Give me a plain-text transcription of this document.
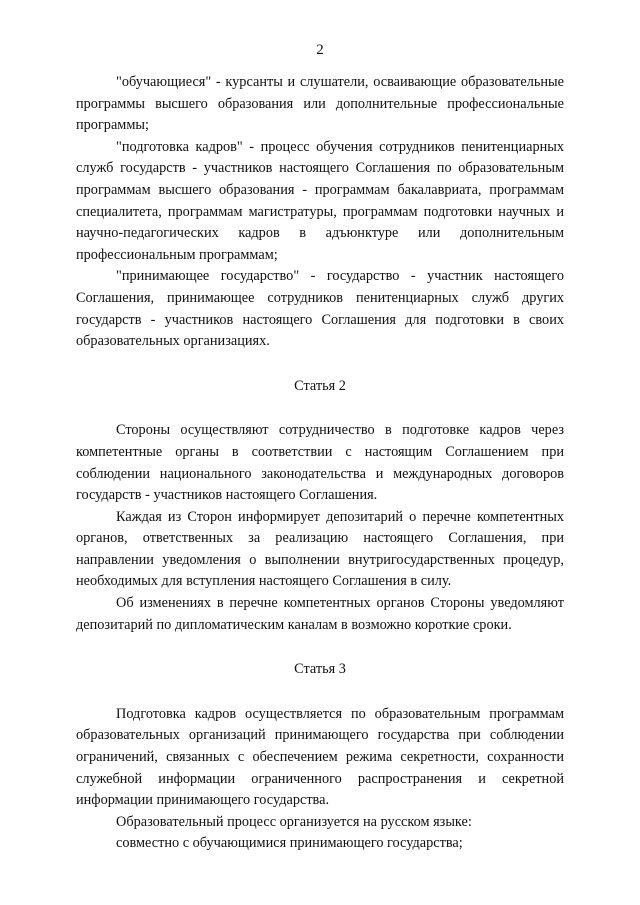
2

"обучающиеся" - курсанты и слушатели, осваивающие образовательные программы высшего образования или дополнительные профессиональные программы;

"подготовка кадров" - процесс обучения сотрудников пенитенциарных служб государств - участников настоящего Соглашения по образовательным программам высшего образования - программам бакалавриата, программам специалитета, программам магистратуры, программам подготовки научных и научно-педагогических кадров в адъюнктуре или дополнительным профессиональным программам;

"принимающее государство" - государство - участник настоящего Соглашения, принимающее сотрудников пенитенциарных служб других государств - участников настоящего Соглашения для подготовки в своих образовательных организациях.

Статья 2

Стороны осуществляют сотрудничество в подготовке кадров через компетентные органы в соответствии с настоящим Соглашением при соблюдении национального законодательства и международных договоров государств - участников настоящего Соглашения.

Каждая из Сторон информирует депозитарий о перечне компетентных органов, ответственных за реализацию настоящего Соглашения, при направлении уведомления о выполнении внутригосударственных процедур, необходимых для вступления настоящего Соглашения в силу.

Об изменениях в перечне компетентных органов Стороны уведомляют депозитарий по дипломатическим каналам в возможно короткие сроки.

Статья 3

Подготовка кадров осуществляется по образовательным программам образовательных организаций принимающего государства при соблюдении ограничений, связанных с обеспечением режима секретности, сохранности служебной информации ограниченного распространения и секретной информации принимающего государства.

Образовательный процесс организуется на русском языке:

совместно с обучающимися принимающего государства;
